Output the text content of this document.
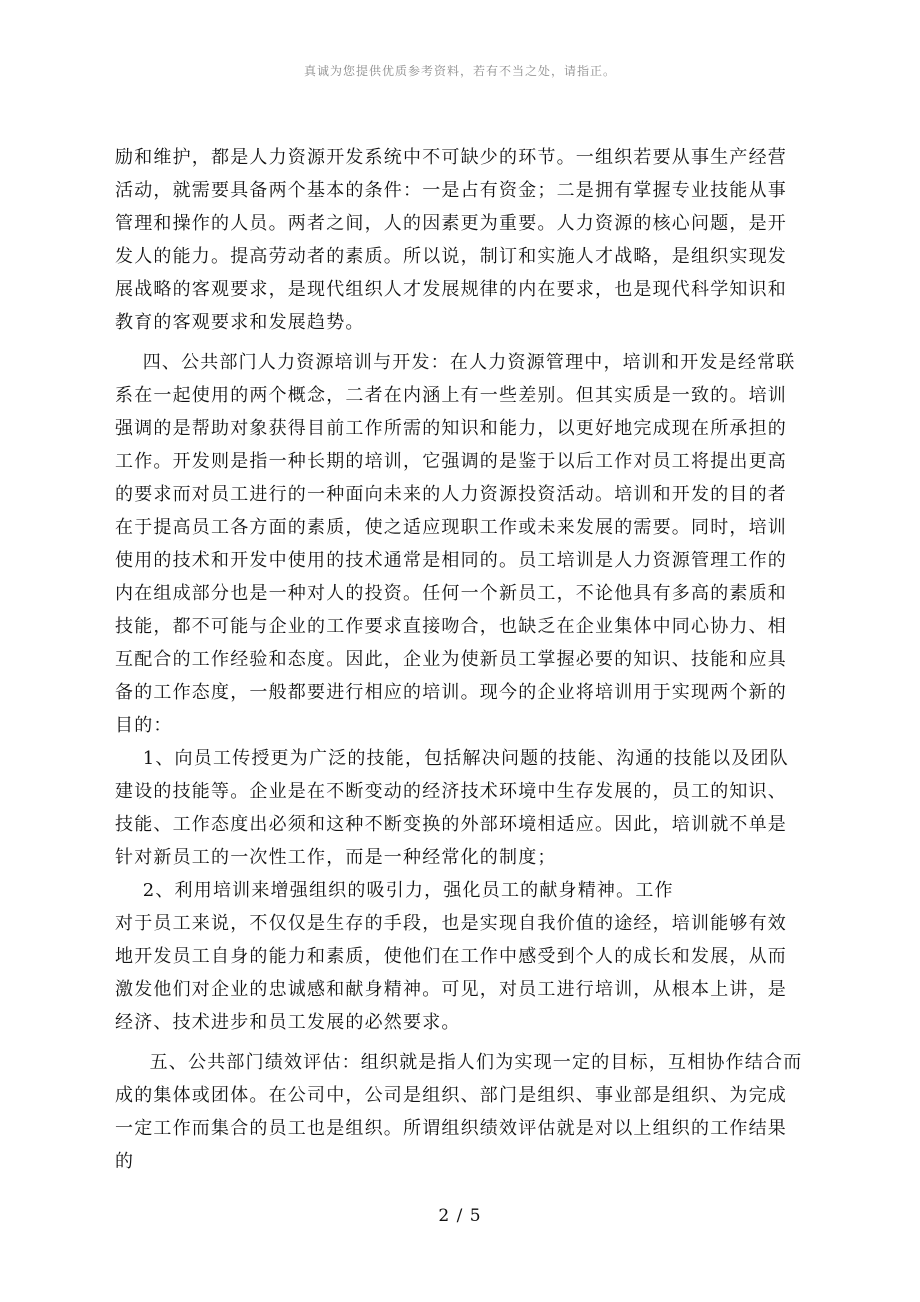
真诚为您提供优质参考资料，若有不当之处，请指正。

励和维护，都是人力资源开发系统中不可缺少的环节。一组织若要从事生产经营活动，就需要具备两个基本的条件：一是占有资金；二是拥有掌握专业技能从事管理和操作的人员。两者之间，人的因素更为重要。人力资源的核心问题，是开发人的能力。提高劳动者的素质。所以说，制订和实施人才战略，是组织实现发展战略的客观要求，是现代组织人才发展规律的内在要求，也是现代科学知识和教育的客观要求和发展趋势。

四、公共部门人力资源培训与开发：在人力资源管理中，培训和开发是经常联系在一起使用的两个概念，二者在内涵上有一些差别。但其实质是一致的。培训强调的是帮助对象获得目前工作所需的知识和能力，以更好地完成现在所承担的工作。开发则是指一种长期的培训，它强调的是鉴于以后工作对员工将提出更高的要求而对员工进行的一种面向未来的人力资源投资活动。培训和开发的目的者在于提高员工各方面的素质，使之适应现职工作或未来发展的需要。同时，培训使用的技术和开发中使用的技术通常是相同的。员工培训是人力资源管理工作的内在组成部分也是一种对人的投资。任何一个新员工，不论他具有多高的素质和技能，都不可能与企业的工作要求直接吻合，也缺乏在企业集体中同心协力、相互配合的工作经验和态度。因此，企业为使新员工掌握必要的知识、技能和应具备的工作态度，一般都要进行相应的培训。现今的企业将培训用于实现两个新的目的：

1、向员工传授更为广泛的技能，包括解决问题的技能、沟通的技能以及团队建设的技能等。企业是在不断变动的经济技术环境中生存发展的，员工的知识、技能、工作态度出必须和这种不断变换的外部环境相适应。因此，培训就不单是针对新员工的一次性工作，而是一种经常化的制度；

2、利用培训来增强组织的吸引力，强化员工的献身精神。工作

对于员工来说，不仅仅是生存的手段，也是实现自我价值的途经，培训能够有效地开发员工自身的能力和素质，使他们在工作中感受到个人的成长和发展，从而激发他们对企业的忠诚感和献身精神。可见，对员工进行培训，从根本上讲，是经济、技术进步和员工发展的必然要求。

五、公共部门绩效评估：组织就是指人们为实现一定的目标，互相协作结合而成的集体或团体。在公司中，公司是组织、部门是组织、事业部是组织、为完成一定工作而集合的员工也是组织。所谓组织绩效评估就是对以上组织的工作结果的

2 / 5
